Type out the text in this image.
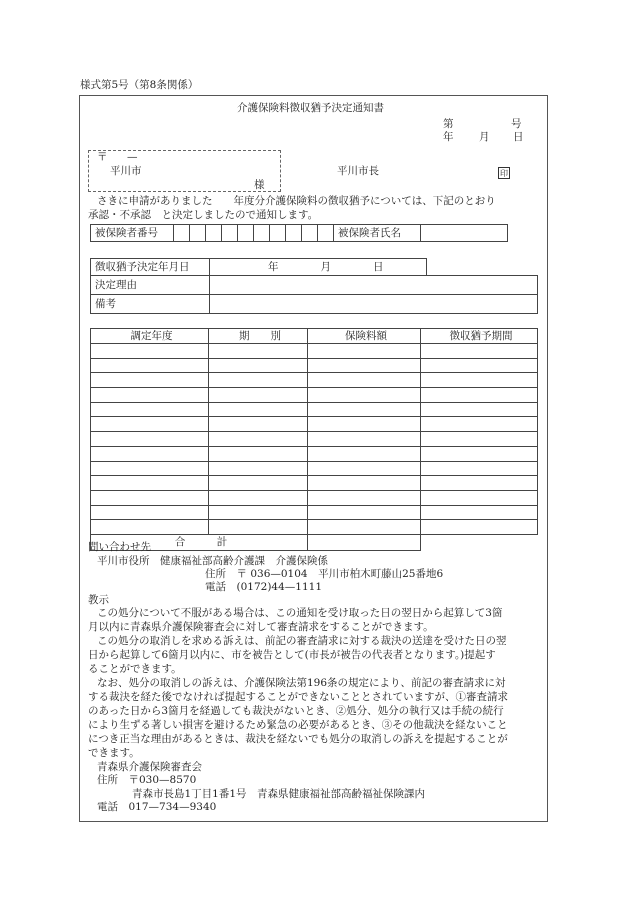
様式第5号（第8条関係）
介護保険料徴収猶予決定通知書
第	号
年 月 日
〒 —
平川市
様
平川市長	印
さきに申請がありました　　年度分介護保険料の徴収猶予については、下記のとおり
承認・不承認　と決定しましたので通知します。
被保険者番号											被保険者氏名	
徴収猶予決定年月日	年　　　　月　　　　日	
決定理由		
備考		
調定年度	期　　別	保険料額	徴収猶予期間

合　　　計			
問い合わせ先
平川市役所　健康福祉部高齢介護課　介護保険係
住所　〒 036—0104　平川市柏木町藤山25番地6
電話　(0172)44—1111
教示
この処分について不服がある場合は、この通知を受け取った日の翌日から起算して3箇
月以内に青森県介護保険審査会に対して審査請求をすることができます。
この処分の取消しを求める訴えは、前記の審査請求に対する裁決の送達を受けた日の翌
日から起算して6箇月以内に、市を被告として(市長が被告の代表者となります。)提起す
ることができます。
なお、処分の取消しの訴えは、介護保険法第196条の規定により、前記の審査請求に対
する裁決を経た後でなければ提起することができないこととされていますが、①審査請求
のあった日から3箇月を経過しても裁決がないとき、②処分、処分の執行又は手続の続行
により生ずる著しい損害を避けるため緊急の必要があるとき、③その他裁決を経ないこと
につき正当な理由があるときは、裁決を経ないでも処分の取消しの訴えを提起することが
できます。
青森県介護保険審査会
住所　〒030—8570
青森市長島1丁目1番1号　青森県健康福祉部高齢福祉保険課内
電話　017—734—9340
